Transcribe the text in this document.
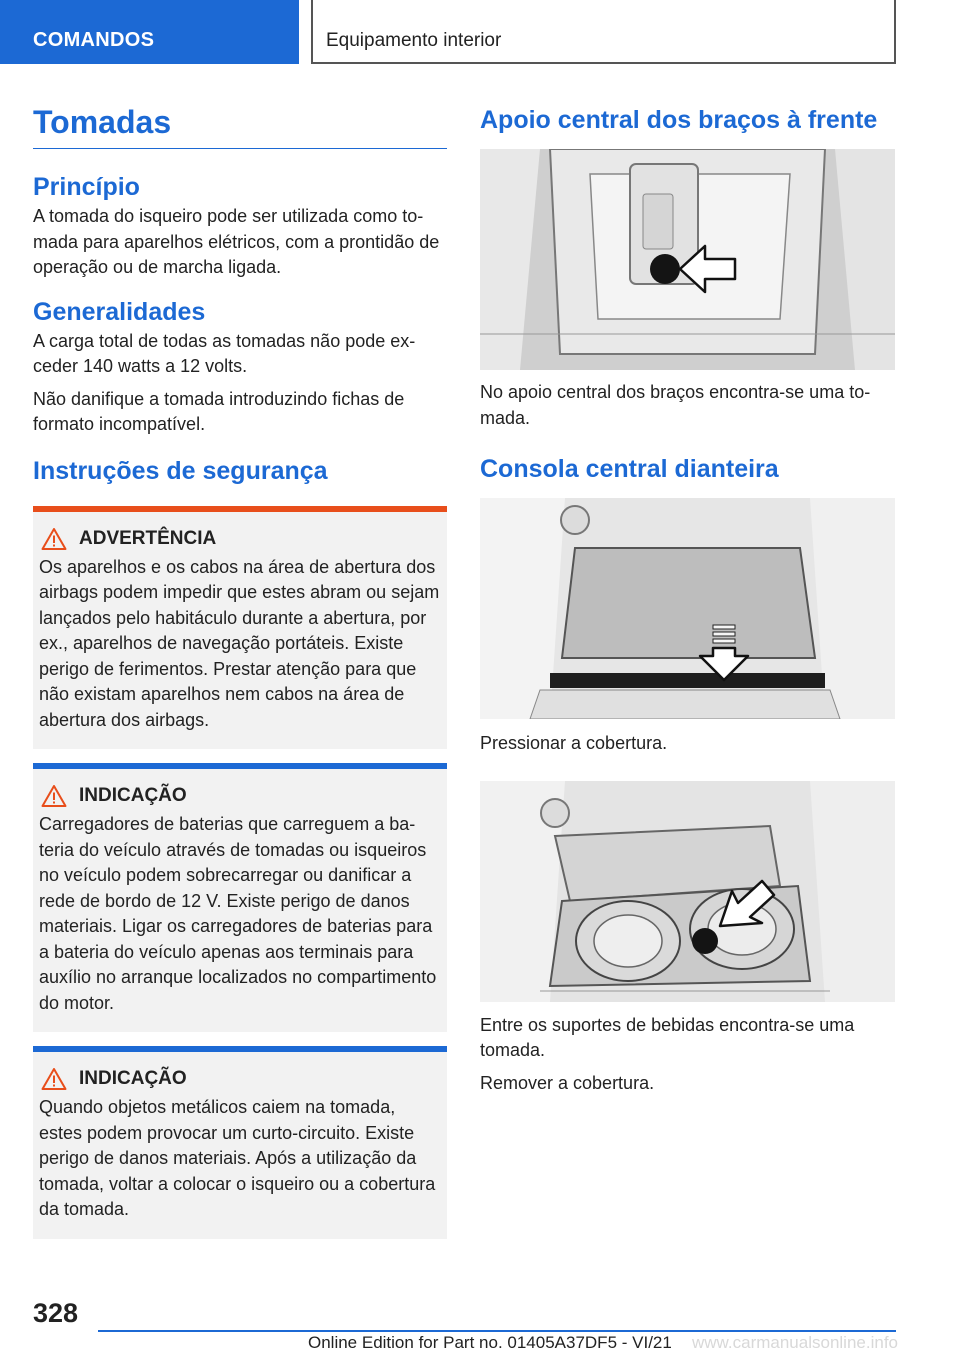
COMANDOS	Equipamento interior
Tomadas
Princípio

A tomada do isqueiro pode ser utilizada como tomada para aparelhos elétricos, com a prontidão de operação ou de marcha ligada.

Generalidades

A carga total de todas as tomadas não pode exceder 140 watts a 12 volts.

Não danifique a tomada introduzindo fichas de formato incompatível.

Instruções de segurança
ADVERTÊNCIA

Os aparelhos e os cabos na área de abertura dos airbags podem impedir que estes abram ou sejam lançados pelo habitáculo durante a abertura, por ex., aparelhos de navegação portáteis. Existe perigo de ferimentos. Prestar atenção para que não existam aparelhos nem cabos na área de abertura dos airbags.

INDICAÇÃO

Carregadores de baterias que carreguem a bateria do veículo através de tomadas ou isqueiros no veículo podem sobrecarregar ou danificar a rede de bordo de 12 V. Existe perigo de danos materiais. Ligar os carregadores de baterias para a bateria do veículo apenas aos terminais para auxílio no arranque localizados no compartimento do motor.

INDICAÇÃO

Quando objetos metálicos caiem na tomada, estes podem provocar um curto-circuito. Existe perigo de danos materiais. Após a utilização da tomada, voltar a colocar o isqueiro ou a cobertura da tomada.

Apoio central dos braços à frente

No apoio central dos braços encontra-se uma tomada.

Consola central dianteira

Pressionar a cobertura.

Entre os suportes de bebidas encontra-se uma tomada.

Remover a cobertura.

328
Online Edition for Part no. 01405A37DF5 - VI/21 www.carmanualsonline.info
